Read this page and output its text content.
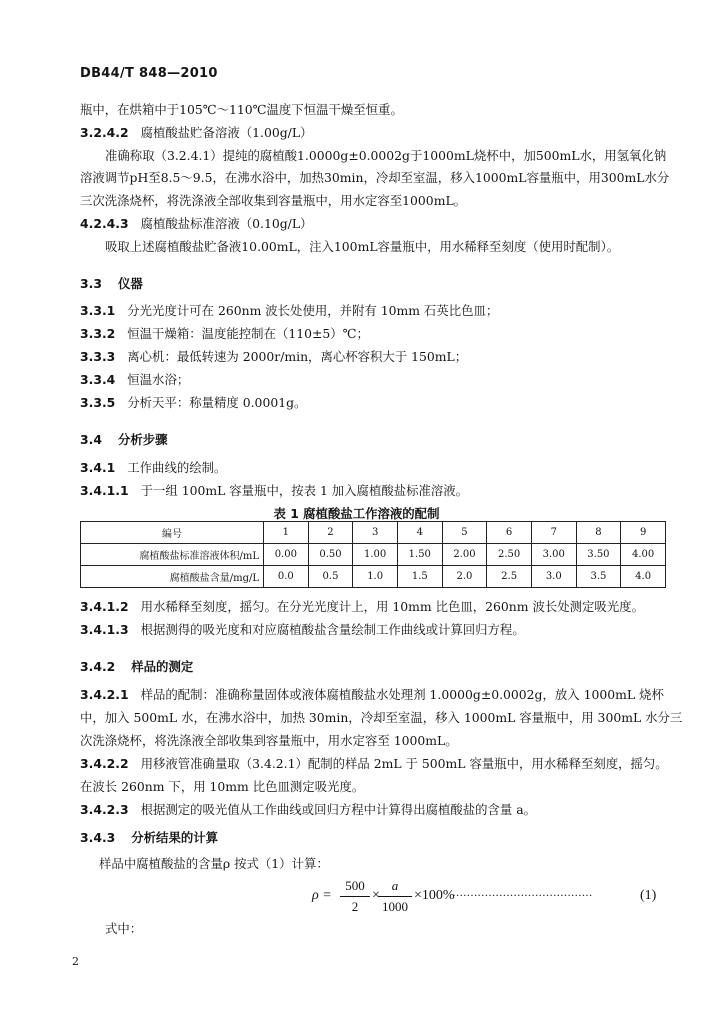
DB44/T 848—2010
瓶中，在烘箱中于105℃～110℃温度下恒温干燥至恒重。
3.2.4.2 腐植酸盐贮备溶液（1.00g/L）
准确称取（3.2.4.1）提纯的腐植酸1.0000g±0.0002g于1000mL烧杯中，加500mL水，用氢氧化钠
溶液调节pH至8.5～9.5，在沸水浴中，加热30min，冷却至室温，移入1000mL容量瓶中，用300mL水分
三次洗涤烧杯，将洗涤液全部收集到容量瓶中，用水定容至1000mL。
4.2.4.3 腐植酸盐标准溶液（0.10g/L）
吸取上述腐植酸盐贮备液10.00mL，注入100mL容量瓶中，用水稀释至刻度（使用时配制）。
3.3 仪器
3.3.1 分光光度计可在 260nm 波长处使用，并附有 10mm 石英比色皿；
3.3.2 恒温干燥箱：温度能控制在（110±5）℃；
3.3.3 离心机：最低转速为 2000r/min，离心杯容积大于 150mL；
3.3.4 恒温水浴；
3.3.5 分析天平：称量精度 0.0001g。
3.4 分析步骤
3.4.1 工作曲线的绘制。
3.4.1.1 于一组 100mL 容量瓶中，按表 1 加入腐植酸盐标准溶液。
表 1 腐植酸盐工作溶液的配制
编号	1	2	3	4	5	6	7	8	9
腐植酸盐标准溶液体积/mL	0.00	0.50	1.00	1.50	2.00	2.50	3.00	3.50	4.00
腐植酸盐含量/mg/L	0.0	0.5	1.0	1.5	2.0	2.5	3.0	3.5	4.0
3.4.1.2 用水稀释至刻度，摇匀。在分光光度计上，用 10mm 比色皿，260nm 波长处测定吸光度。
3.4.1.3 根据测得的吸光度和对应腐植酸盐含量绘制工作曲线或计算回归方程。
3.4.2 样品的测定
3.4.2.1 样品的配制：准确称量固体或液体腐植酸盐水处理剂 1.0000g±0.0002g，放入 1000mL 烧杯
中，加入 500mL 水，在沸水浴中，加热 30min，冷却至室温，移入 1000mL 容量瓶中，用 300mL 水分三
次洗涤烧杯，将洗涤液全部收集到容量瓶中，用水定容至 1000mL。
3.4.2.2 用移液管准确量取（3.4.2.1）配制的样品 2mL 于 500mL 容量瓶中，用水稀释至刻度，摇匀。
在波长 260nm 下，用 10mm 比色皿测定吸光度。
3.4.2.3 根据测定的吸光值从工作曲线或回归方程中计算得出腐植酸盐的含量 a。
3.4.3 分析结果的计算
样品中腐植酸盐的含量ρ 按式（1）计算：
ρ =
500
2
×
a
1000
×100%
·······································	(1)
式中：
2
